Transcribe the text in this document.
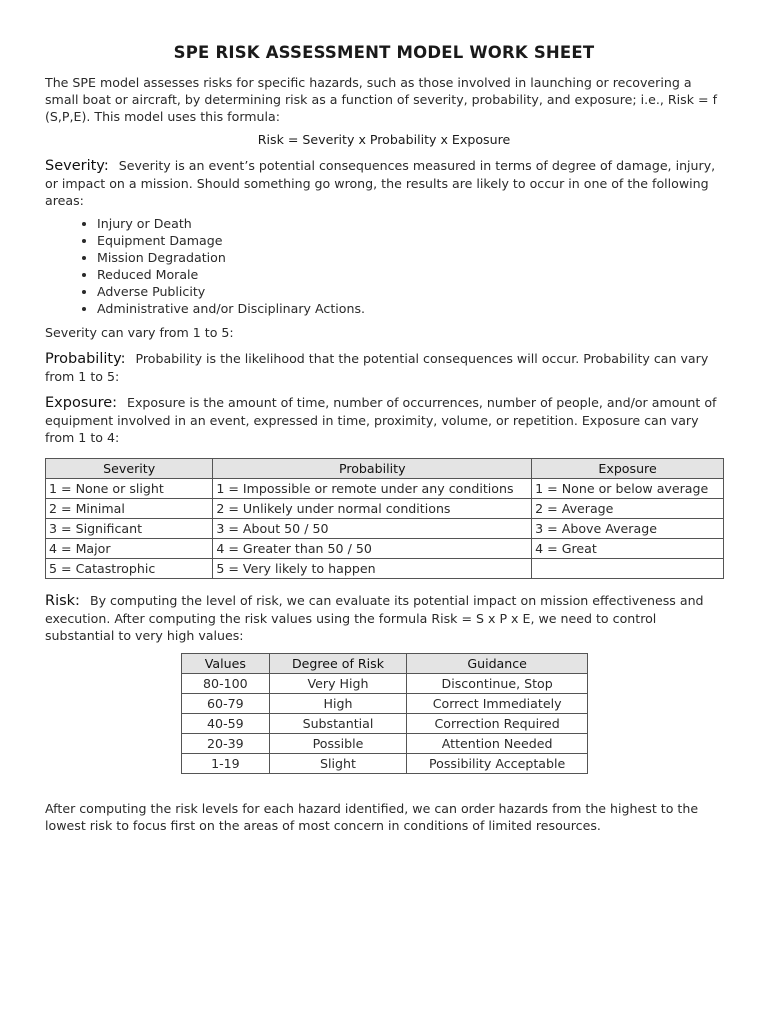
SPE RISK ASSESSMENT MODEL WORK SHEET

The SPE model assesses risks for specific hazards, such as those involved in launching or recovering a small boat or aircraft, by determining risk as a function of severity, probability, and exposure; i.e., Risk = f (S,P,E). This model uses this formula:

Risk = Severity x Probability x Exposure

Severity: Severity is an event’s potential consequences measured in terms of degree of damage, injury, or impact on a mission. Should something go wrong, the results are likely to occur in one of the following areas:

• Injury or Death
• Equipment Damage
• Mission Degradation
• Reduced Morale
• Adverse Publicity
• Administrative and/or Disciplinary Actions.

Severity can vary from 1 to 5:

Probability: Probability is the likelihood that the potential consequences will occur. Probability can vary from 1 to 5:

Exposure: Exposure is the amount of time, number of occurrences, number of people, and/or amount of equipment involved in an event, expressed in time, proximity, volume, or repetition. Exposure can vary from 1 to 4:

Severity	Probability	Exposure
1 = None or slight	1 = Impossible or remote under any conditions	1 = None or below average
2 = Minimal	2 = Unlikely under normal conditions	2 = Average
3 = Significant	3 = About 50 / 50	3 = Above Average
4 = Major	4 = Greater than 50 / 50	4 = Great
5 = Catastrophic	5 = Very likely to happen	

Risk: By computing the level of risk, we can evaluate its potential impact on mission effectiveness and execution. After computing the risk values using the formula Risk = S x P x E, we need to control substantial to very high values:

Values	Degree of Risk	Guidance
80-100	Very High	Discontinue, Stop
60-79	High	Correct Immediately
40-59	Substantial	Correction Required
20-39	Possible	Attention Needed
1-19	Slight	Possibility Acceptable

After computing the risk levels for each hazard identified, we can order hazards from the highest to the lowest risk to focus first on the areas of most concern in conditions of limited resources.
